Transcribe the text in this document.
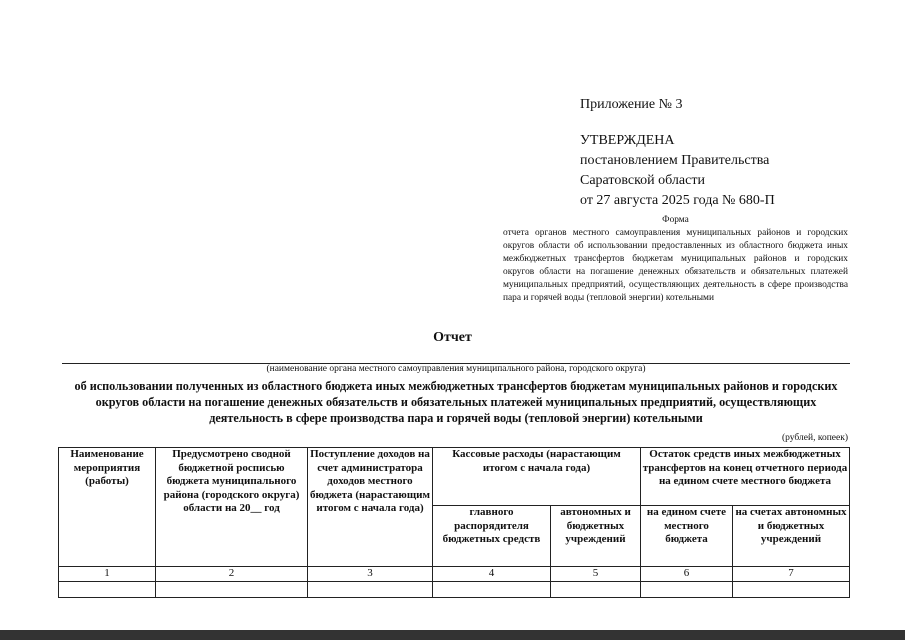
Приложение № 3
УТВЕРЖДЕНА
постановлением Правительства
Саратовской области
от 27 августа 2025 года № 680-П
Форма
отчета органов местного самоуправления муниципальных районов и городских округов области об использовании предоставленных из областного бюджета иных межбюджетных трансфертов бюджетам муниципальных районов и городских округов области на погашение денежных обязательств и обязательных платежей муниципальных предприятий, осуществляющих деятельность в сфере производства пара и горячей воды (тепловой энергии) котельными
Отчет
(наименование органа местного самоуправления муниципального района, городского округа)
об использовании полученных из областного бюджета иных межбюджетных трансфертов бюджетам муниципальных районов и городских округов области на погашение денежных обязательств и обязательных платежей муниципальных предприятий, осуществляющих деятельность в сфере производства пара и горячей воды (тепловой энергии) котельными
(рублей, копеек)
Наименование мероприятия (работы)	Предусмотрено сводной бюджетной росписью бюджета муниципального района (городского округа) области на 20__ год	Поступление доходов на счет администратора доходов местного бюджета (нарастающим итогом с начала года)	Кассовые расходы (нарастающим итогом с начала года)		Остаток средств иных межбюджетных трансфертов на конец отчетного периода на едином счете местного бюджета	
			главного распорядителя бюджетных средств	автономных и бюджетных учреждений	на едином счете местного бюджета	на счетах автономных и бюджетных учреждений
1	2	3	4	5	6	7
